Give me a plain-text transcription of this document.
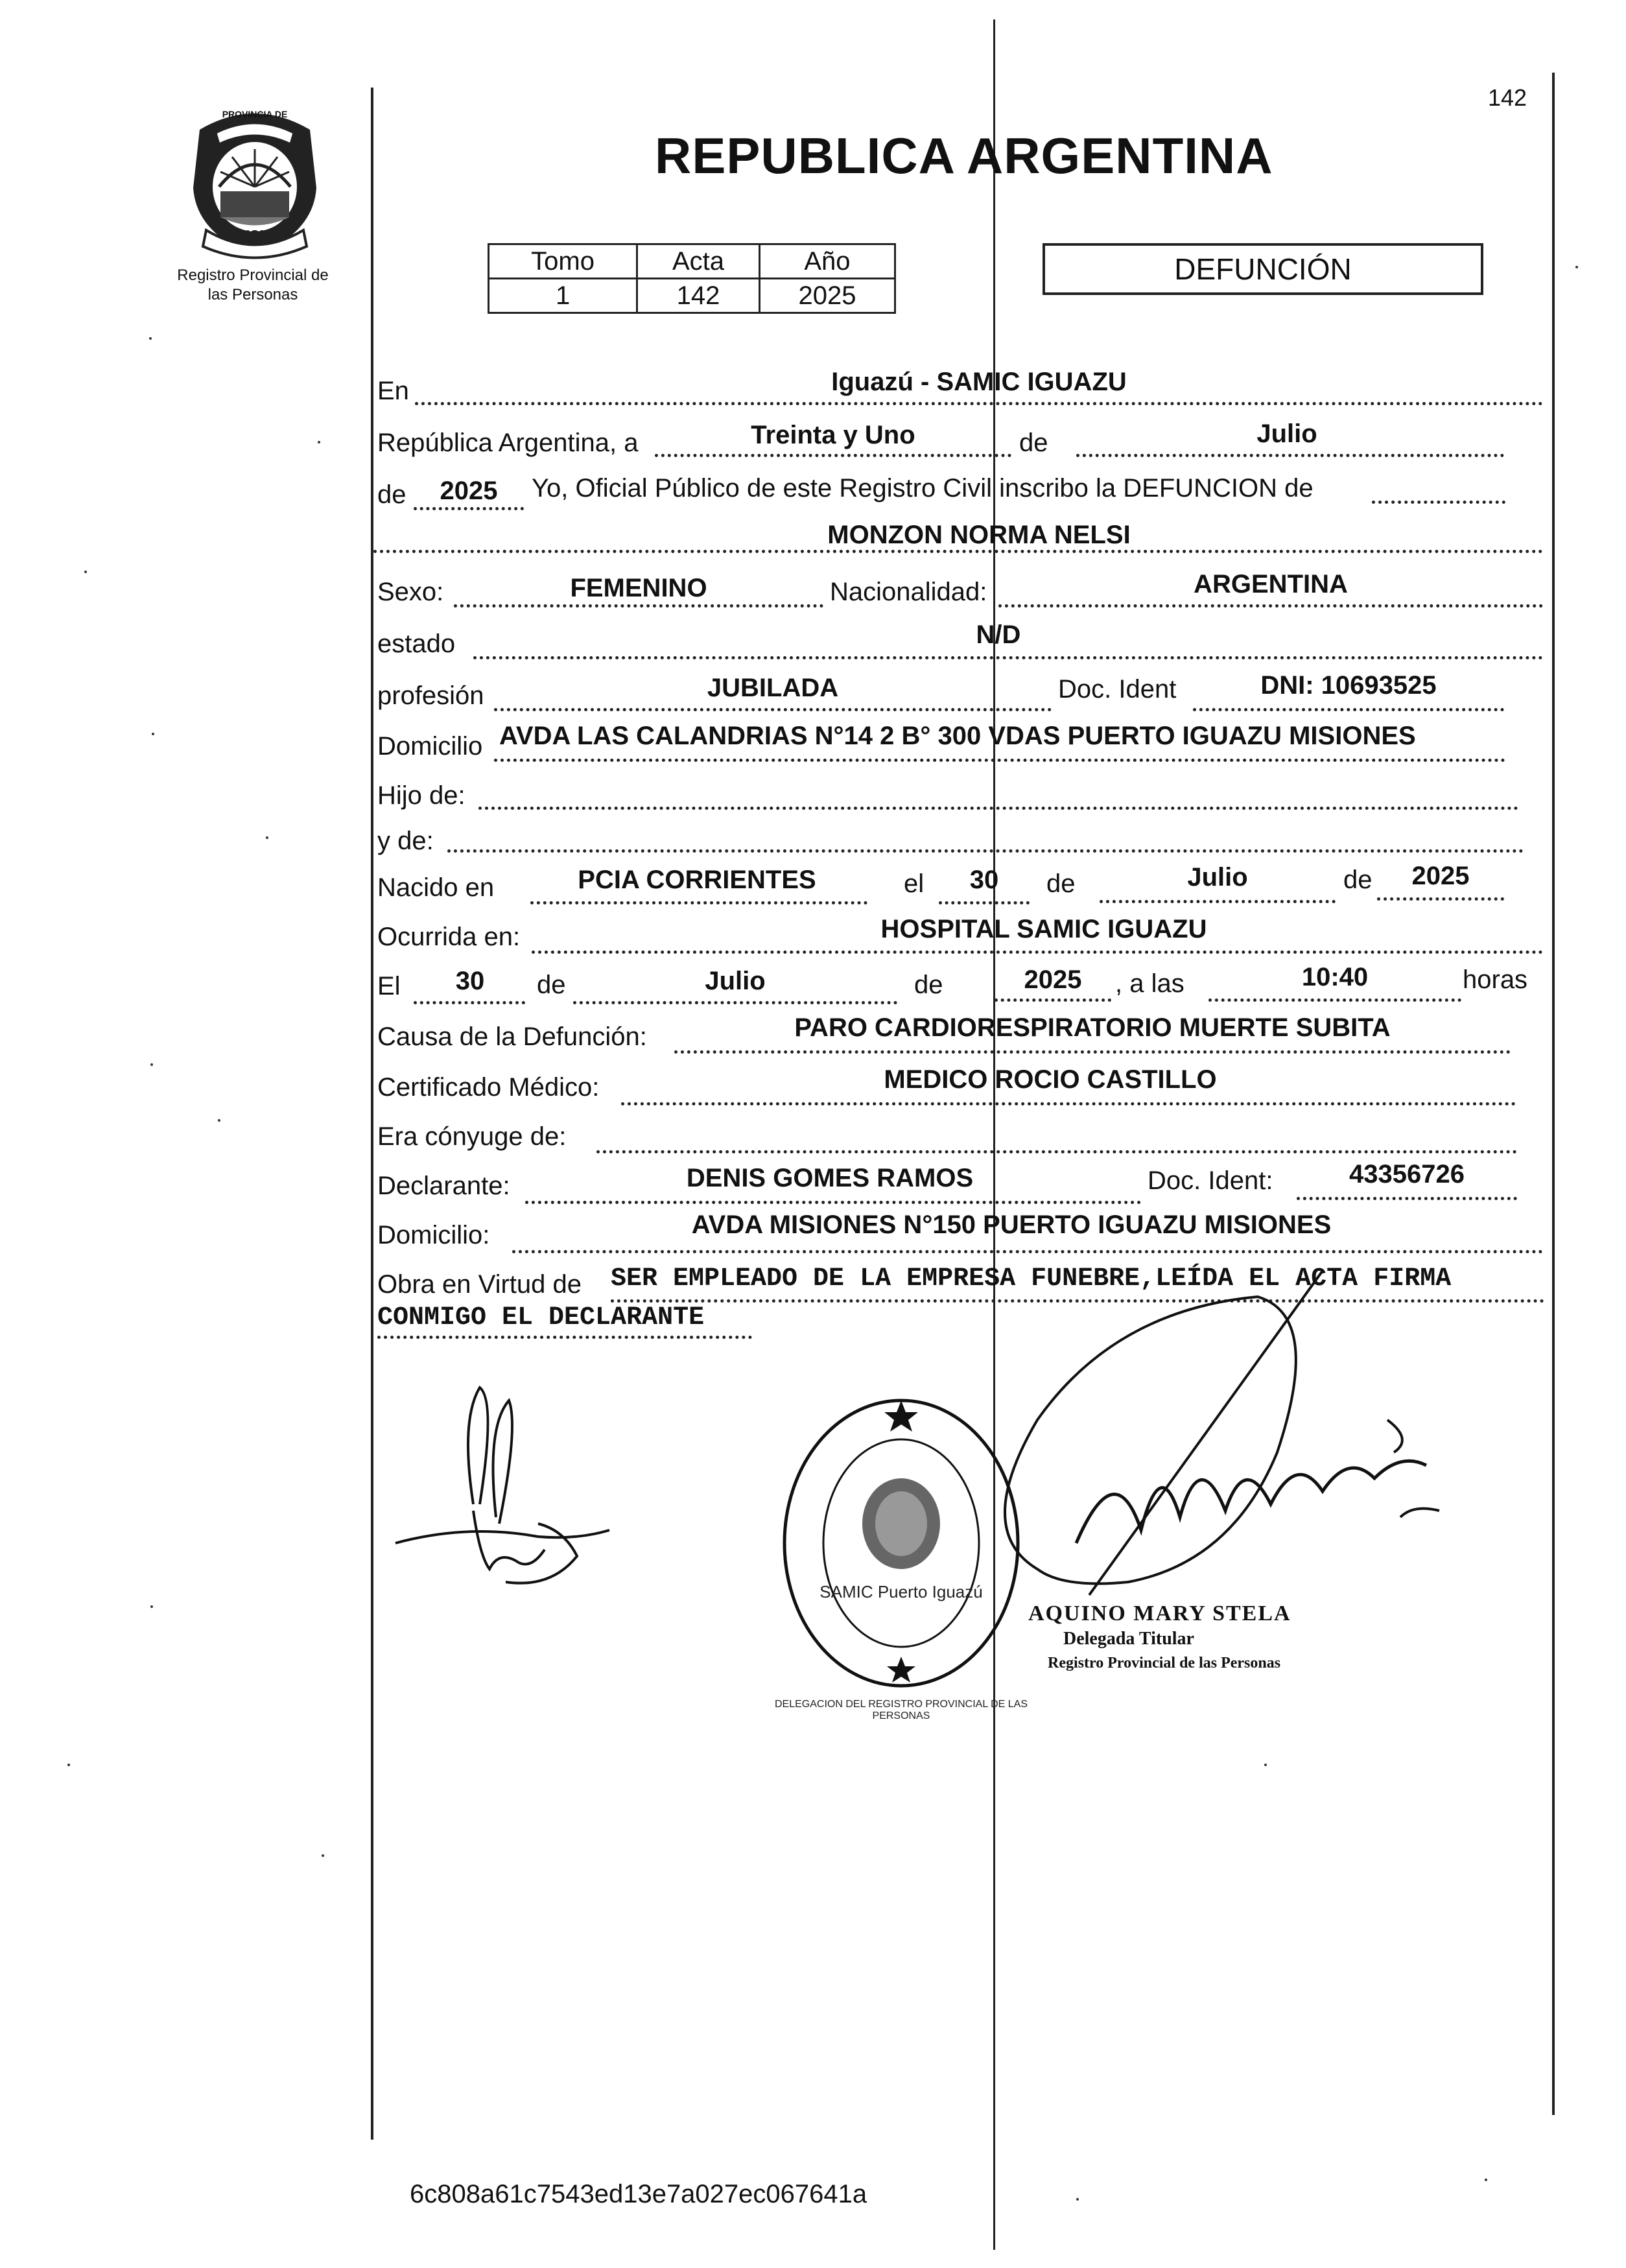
PROVINCIA DE
MISIONES
Registro Provincial de
las Personas
142
REPUBLICA ARGENTINA
Tomo	Acta	Año
1	142	2025
DEFUNCIÓN
En	Iguazú - SAMIC IGUAZU
República Argentina, a	Treinta y Uno	de	Julio
de	2025	Yo, Oficial Público de este Registro Civil inscribo la DEFUNCION de
MONZON NORMA NELSI
Sexo:	FEMENINO	Nacionalidad:	ARGENTINA
estado	N/D
profesión	JUBILADA	Doc. Ident	DNI: 10693525
Domicilio AVDA LAS CALANDRIAS N°14 2 B° 300 VDAS PUERTO IGUAZU MISIONES
Hijo de:
y de:
Nacido en	PCIA CORRIENTES	el	30	de	Julio	de	2025
Ocurrida en:	HOSPITAL SAMIC IGUAZU
El	30	de	Julio	de	2025	, a las	10:40	horas
Causa de la Defunción:	PARO CARDIORESPIRATORIO MUERTE SUBITA
Certificado Médico:	MEDICO ROCIO CASTILLO
Era cónyuge de:
Declarante:	DENIS GOMES RAMOS	Doc. Ident:	43356726
Domicilio:	AVDA MISIONES N°150 PUERTO IGUAZU MISIONES
Obra en Virtud de SER EMPLEADO DE LA EMPRESA FUNEBRE,LEÍDA EL ACTA FIRMA
CONMIGO EL DECLARANTE
DELEGACION DEL REGISTRO PROVINCIAL DE LAS PERSONAS
SAMIC Puerto Iguazú
AQUINO MARY STELA
Delegada Titular
Registro Provincial de las Personas
6c808a61c7543ed13e7a027ec067641a
